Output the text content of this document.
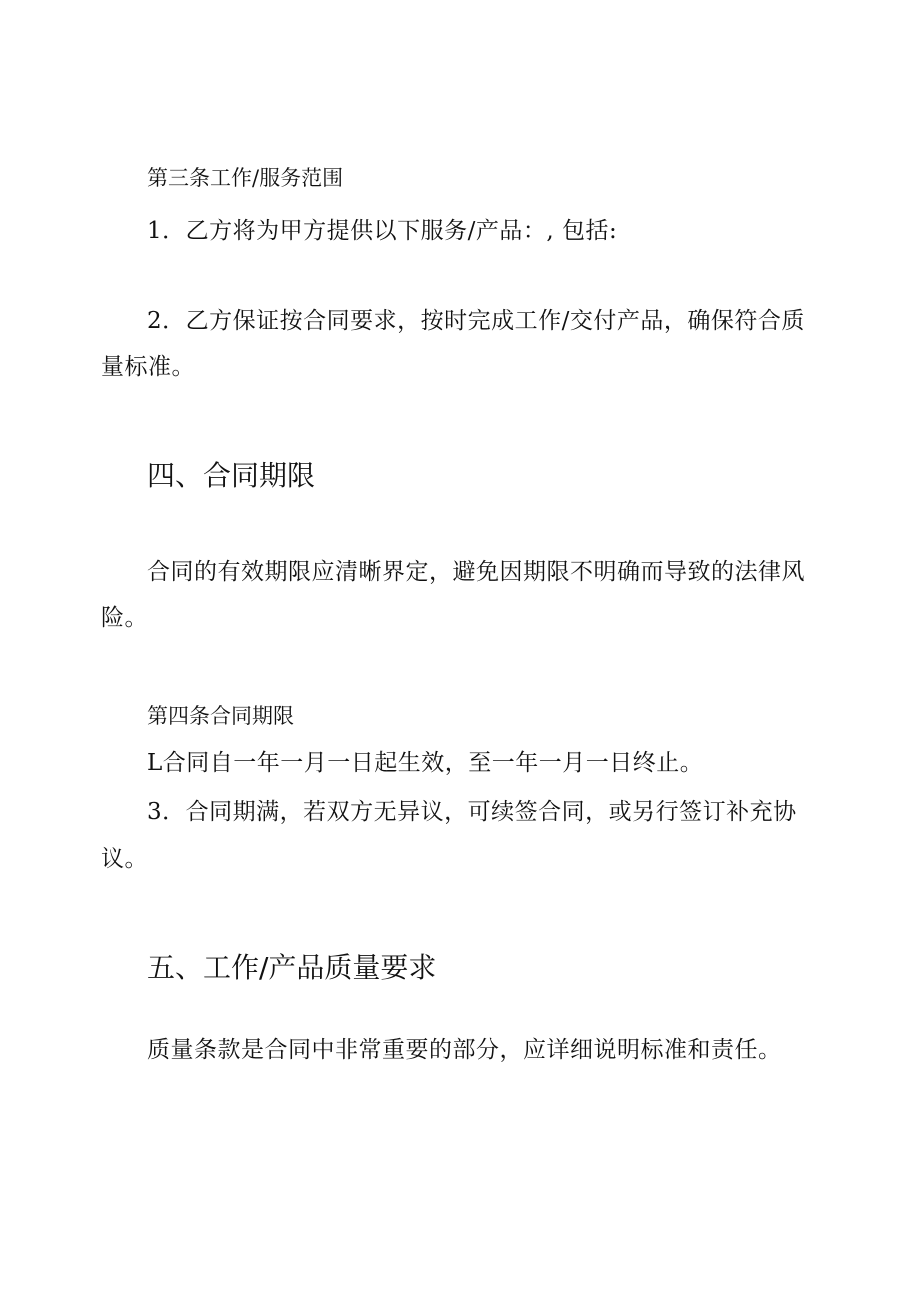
第三条工作/服务范围

1．乙方将为甲方提供以下服务/产品：, 包括:

2．乙方保证按合同要求，按时完成工作/交付产品，确保符合质

量标准。

四、合同期限

合同的有效期限应清晰界定，避免因期限不明确而导致的法律风

险。

第四条合同期限

L合同自一年一月一日起生效，至一年一月一日终止。

3．合同期满，若双方无异议，可续签合同，或另行签订补充协

议。

五、工作/产品质量要求

质量条款是合同中非常重要的部分，应详细说明标准和责任。
